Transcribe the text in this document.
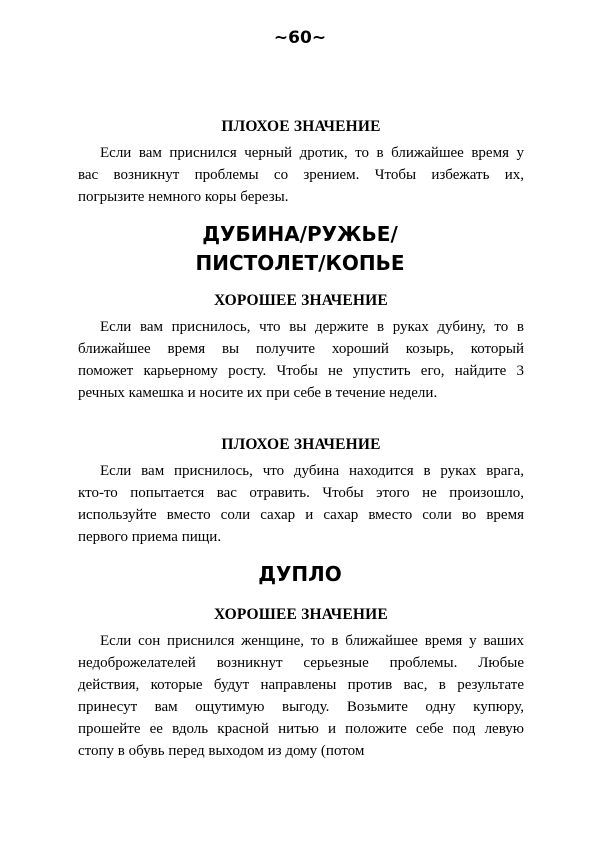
~60~
ПЛОХОЕ ЗНАЧЕНИЕ
Если вам приснился черный дротик, то в ближайшее время у
вас возникнут проблемы со зрением. Чтобы избежать их,
погрызите немного коры березы.
ДУБИНА/РУЖЬЕ/
ПИСТОЛЕТ/КОПЬЕ
ХОРОШЕЕ ЗНАЧЕНИЕ
Если вам приснилось, что вы держите в руках дубину, то в
ближайшее время вы получите хороший козырь, который
поможет карьерному росту. Чтобы не упустить его, найдите 3
речных камешка и носите их при себе в течение недели.
ПЛОХОЕ ЗНАЧЕНИЕ
Если вам приснилось, что дубина находится в руках врага,
кто-то попытается вас отравить. Чтобы этого не произошло,
используйте вместо соли сахар и сахар вместо соли во время
первого приема пищи.
ДУПЛО
ХОРОШЕЕ ЗНАЧЕНИЕ
Если сон приснился женщине, то в ближайшее время у ваших
недоброжелателей возникнут серьезные проблемы. Любые
действия, которые будут направлены против вас, в результате
принесут вам ощутимую выгоду. Возьмите одну купюру,
прошейте ее вдоль красной нитью и положите себе под левую
стопу в обувь перед выходом из дому (потом
